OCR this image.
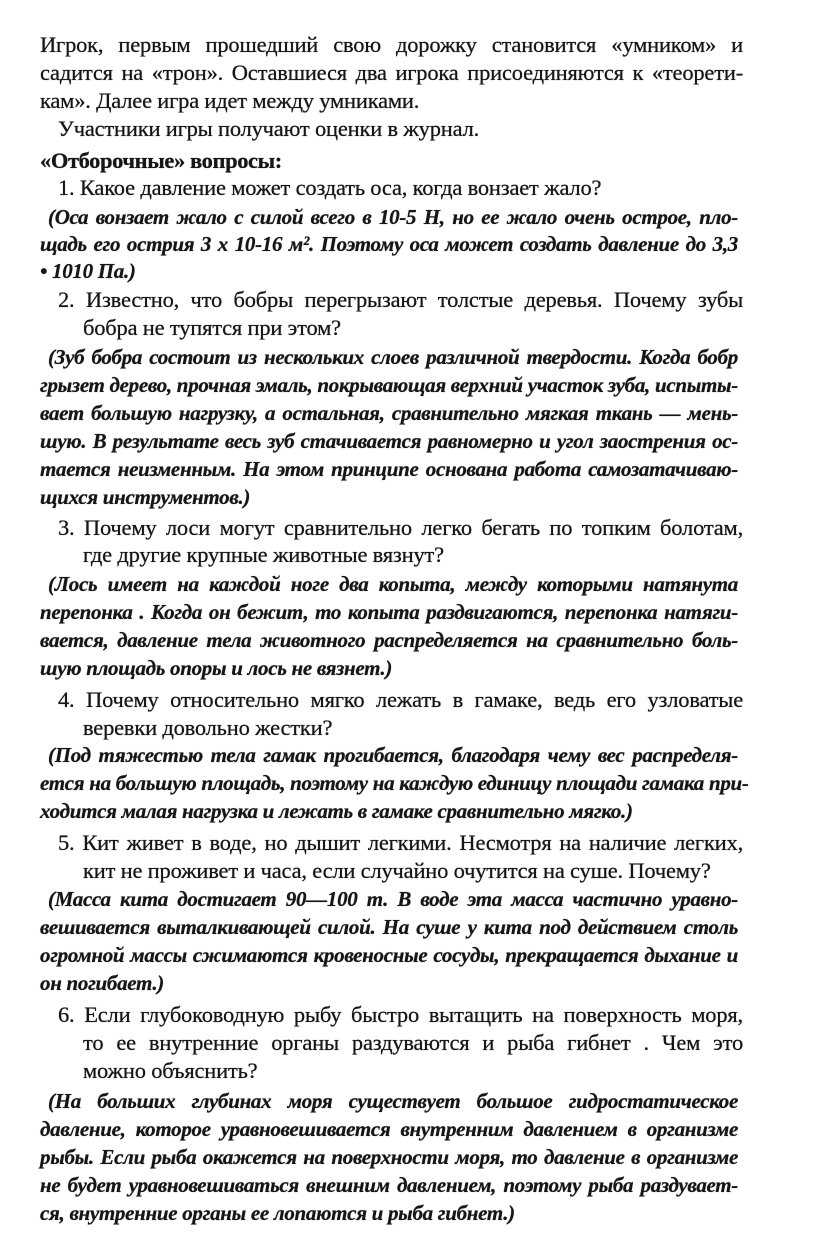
Игрок, первым прошедший свою дорожку становится «умником» и
садится на «трон». Оставшиеся два игрока присоединяются к «теорети-
кам». Далее игра идет между умниками.
Участники игры получают оценки в журнал.
«Отборочные» вопросы:
1. Какое давление может создать оса, когда вонзает жало?
(Оса вонзает жало с силой всего в 10-5 Н, но ее жало очень острое, пло-
щадь его острия 3 x 10-16 м². Поэтому оса может создать давление до 3,3
• 1010 Па.)
2. Известно, что бобры перегрызают толстые деревья. Почему зубы
бобра не тупятся при этом?
(Зуб бобра состоит из нескольких слоев различной твердости. Когда бобр
грызет дерево, прочная эмаль, покрывающая верхний участок зуба, испыты-
вает большую нагрузку, а остальная, сравнительно мягкая ткань — мень-
шую. В результате весь зуб стачивается равномерно и угол заострения ос-
тается неизменным. На этом принципе основана работа самозатачиваю-
щихся инструментов.)
3. Почему лоси могут сравнительно легко бегать по топким болотам,
где другие крупные животные вязнут?
(Лось имеет на каждой ноге два копыта, между которыми натянута
перепонка . Когда он бежит, то копыта раздвигаются, перепонка натяги-
вается, давление тела животного распределяется на сравнительно боль-
шую площадь опоры и лось не вязнет.)
4. Почему относительно мягко лежать в гамаке, ведь его узловатые
веревки довольно жестки?
(Под тяжестью тела гамак прогибается, благодаря чему вес распределя-
ется на большую площадь, поэтому на каждую единицу площади гамака при-
ходится малая нагрузка и лежать в гамаке сравнительно мягко.)
5. Кит живет в воде, но дышит легкими. Несмотря на наличие легких,
кит не проживет и часа, если случайно очутится на суше. Почему?
(Масса кита достигает 90—100 т. В воде эта масса частично уравно-
вешивается выталкивающей силой. На суше у кита под действием столь
огромной массы сжимаются кровеносные сосуды, прекращается дыхание и
он погибает.)
6. Если глубоководную рыбу быстро вытащить на поверхность моря,
то ее внутренние органы раздуваются и рыба гибнет . Чем это
можно объяснить?
(На больших глубинах моря существует большое гидростатическое
давление, которое уравновешивается внутренним давлением в организме
рыбы. Если рыба окажется на поверхности моря, то давление в организме
не будет уравновешиваться внешним давлением, поэтому рыба раздувает-
ся, внутренние органы ее лопаются и рыба гибнет.)
